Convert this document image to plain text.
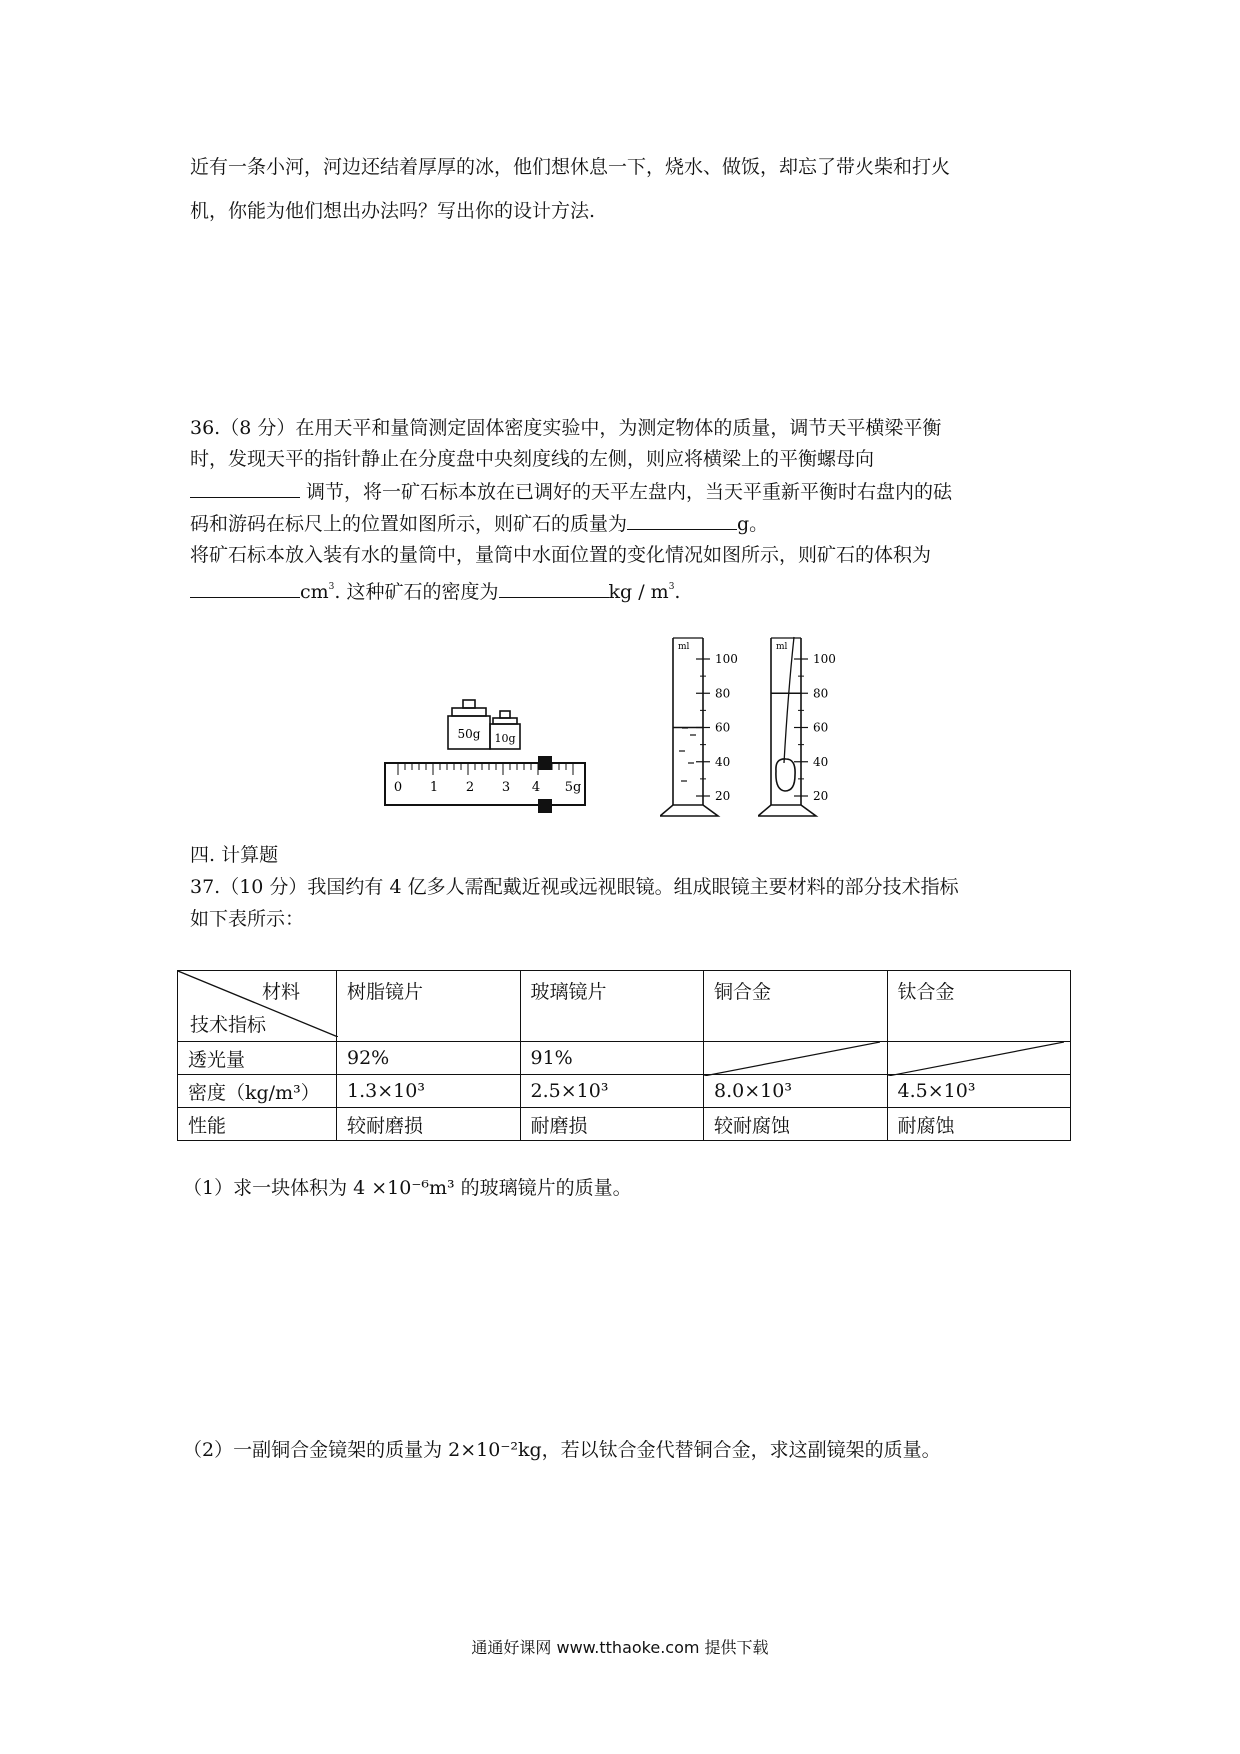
近有一条小河，河边还结着厚厚的冰，他们想休息一下，烧水、做饭，却忘了带火柴和打火

机，你能为他们想出办法吗？写出你的设计方法.

36.（8 分）在用天平和量筒测定固体密度实验中，为测定物体的质量，调节天平横梁平衡

时，发现天平的指针静止在分度盘中央刻度线的左侧，则应将横梁上的平衡螺母向

调节，将一矿石标本放在已调好的天平左盘内，当天平重新平衡时右盘内的砝

码和游码在标尺上的位置如图所示，则矿石的质量为	g。

将矿石标本放入装有水的量筒中，量筒中水面位置的变化情况如图所示，则矿石的体积为

$cm^3$. 这种矿石的密度为	kg / $m^3$.

50g 10g
0 1 2 3 4 5g
ml
100
80
60
40
20
ml
100
80
60
40
20

四. 计算题

37.（10 分）我国约有 4 亿多人需配戴近视或远视眼镜。组成眼镜主要材料的部分技术指标

如下表所示：

材料
技术指标	树脂镜片	玻璃镜片	铜合金	钛合金
透光量	92%	91%	

密度（kg/m³）	1.3×10³	2.5×10³	8.0×10³	4.5×10³
性能	较耐磨损	耐磨损	较耐腐蚀	耐腐蚀

（1）求一块体积为 4 ×10⁻⁶m³ 的玻璃镜片的质量。

（2）一副铜合金镜架的质量为 2×10⁻²kg，若以钛合金代替铜合金，求这副镜架的质量。

通通好课网 www.tthaoke.com 提供下载
